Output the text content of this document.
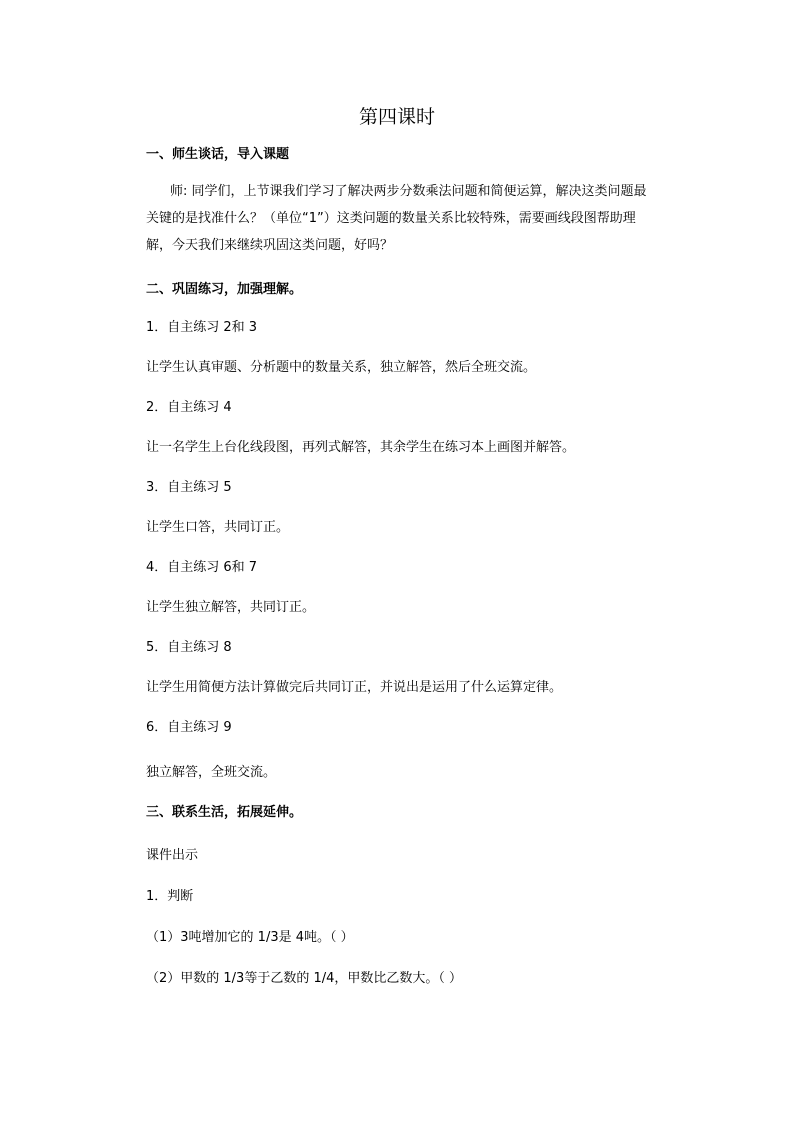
第四课时
一、师生谈话，导入课题
师: 同学们，上节课我们学习了解决两步分数乘法问题和简便运算，解决这类问题最关键的是找准什么？（单位“1”）这类问题的数量关系比较特殊，需要画线段图帮助理解，今天我们来继续巩固这类问题，好吗？
二、巩固练习，加强理解。
1．自主练习 2和 3
让学生认真审题、分析题中的数量关系，独立解答，然后全班交流。
2．自主练习 4
让一名学生上台化线段图，再列式解答，其余学生在练习本上画图并解答。
3．自主练习 5
让学生口答，共同订正。
4．自主练习 6和 7
让学生独立解答，共同订正。
5．自主练习 8
让学生用简便方法计算做完后共同订正，并说出是运用了什么运算定律。
6．自主练习 9
独立解答，全班交流。
三、联系生活，拓展延伸。
课件出示
1．判断
（1）3吨增加它的 1/3是 4吨。（ ）
（2）甲数的 1/3等于乙数的 1/4，甲数比乙数大。（ ）
